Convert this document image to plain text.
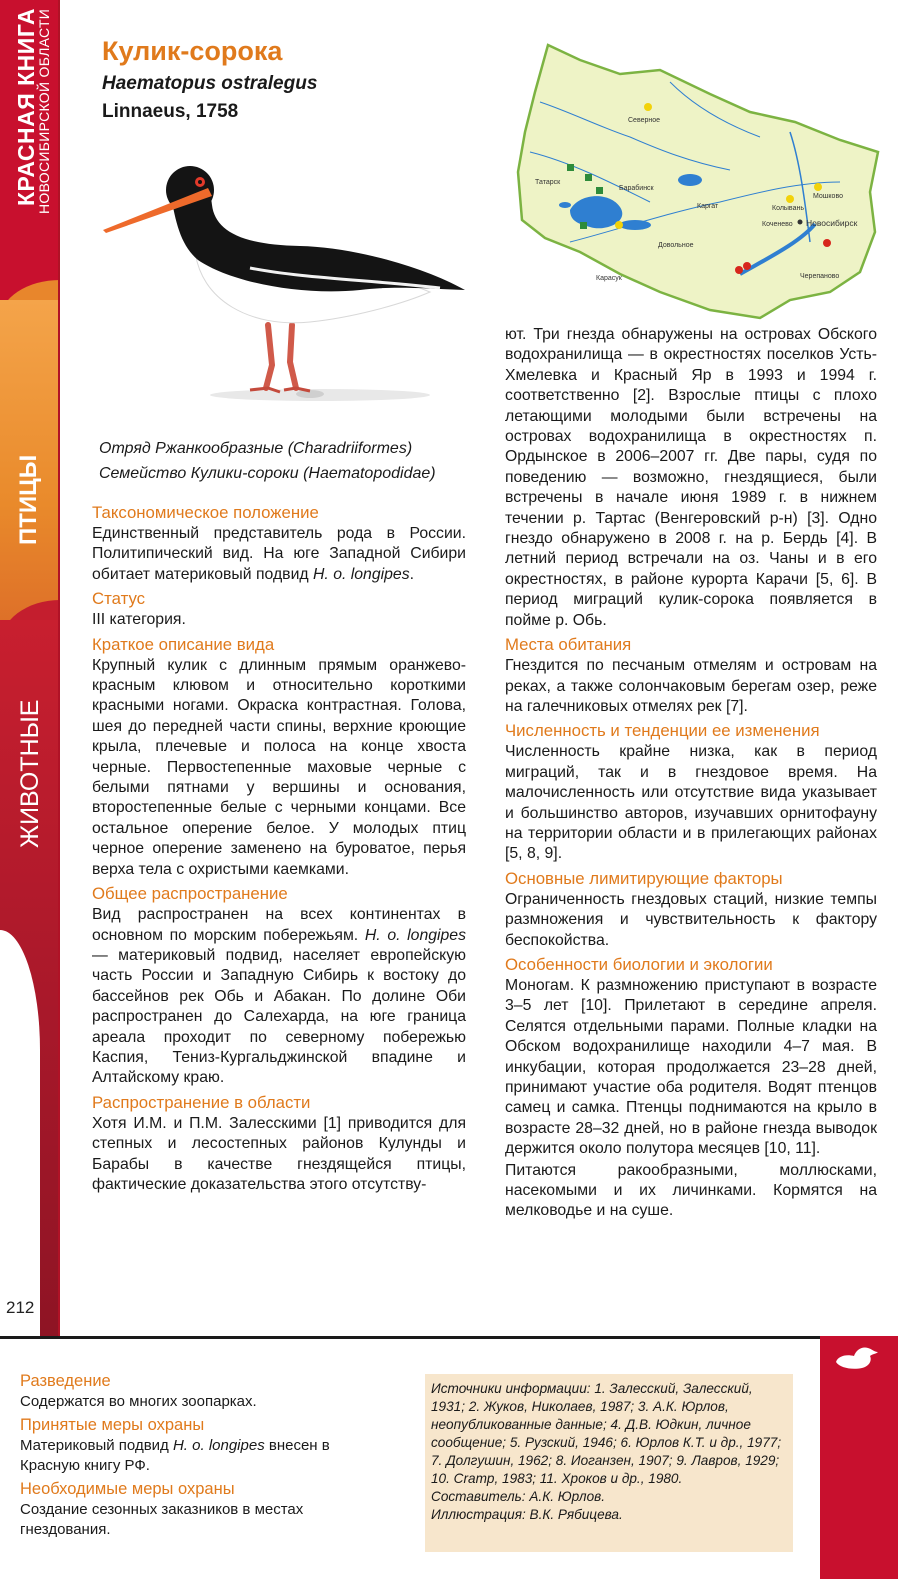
КРАСНАЯ КНИГА
НОВОСИБИРСКОЙ ОБЛАСТИ
ПТИЦЫ
ЖИВОТНЫЕ
212
Кулик-сорока
Haematopus ostralegus
Linnaeus, 1758	Северное
Татарск
Барабинск
Каргат
Мошково
Колывань
Новосибирск
Коченево
Довольное
Карасук	Черепаново
Отряд Ржанкообразные (Charadriiformes)
Семейство Кулики-сороки (Haematopodidae)
Таксономическое положение
Единственный представитель рода в России. Политипический вид. На юге Западной Сибири обитает материковый подвид H. o. longipes.
Статус
III категория.
Краткое описание вида
Крупный кулик с длинным прямым оранжево-красным клювом и относительно короткими красными ногами. Окраска контрастная. Голова, шея до передней части спины, верхние кроющие крыла, плечевые и полоса на конце хвоста черные. Первостепенные маховые черные с белыми пятнами у вершины и основания, второстепенные белые с черными концами. Все остальное оперение белое. У молодых птиц черное оперение заменено на буроватое, перья верха тела с охристыми каемками.
Общее распространение
Вид распространен на всех континентах в основном по морским побережьям. H. o. longipes — материковый подвид, населяет европейскую часть России и Западную Сибирь к востоку до бассейнов рек Обь и Абакан. По долине Оби распространен до Салехарда, на юге граница ареала проходит по северному побережью Каспия, Тениз-Кургальджинской впадине и Алтайскому краю.
Распространение в области
Хотя И.М. и П.М. Залесскими [1] приводится для степных и лесостепных районов Кулунды и Барабы в качестве гнездящейся птицы, фактические доказательства этого отсутству-
ют. Три гнезда обнаружены на островах Обского водохранилища — в окрестностях поселков Усть-Хмелевка и Красный Яр в 1993 и 1994 г. соответственно [2]. Взрослые птицы с плохо летающими молодыми были встречены на островах водохранилища в окрестностях п. Ордынское в 2006–2007 гг. Две пары, судя по поведению — возможно, гнездящиеся, были встречены в начале июня 1989 г. в нижнем течении р. Тартас (Венгеровский р-н) [3]. Одно гнездо обнаружено в 2008 г. на р. Бердь [4]. В летний период встречали на оз. Чаны и в его окрестностях, в районе курорта Карачи [5, 6]. В период миграций кулик-сорока появляется в пойме р. Обь.
Места обитания
Гнездится по песчаным отмелям и островам на реках, а также солончаковым берегам озер, реже на галечниковых отмелях рек [7].
Численность и тенденции ее изменения
Численность крайне низка, как в период миграций, так и в гнездовое время. На малочисленность или отсутствие вида указывает и большинство авторов, изучавших орнитофауну на территории области и в прилегающих районах [5, 8, 9].
Основные лимитирующие факторы
Ограниченность гнездовых стаций, низкие темпы размножения и чувствительность к фактору беспокойства.
Особенности биологии и экологии
Моногам. К размножению приступают в возрасте 3–5 лет [10]. Прилетают в середине апреля. Селятся отдельными парами. Полные кладки на Обском водохранилище находили 4–7 мая. В инкубации, которая продолжается 23–28 дней, принимают участие оба родителя. Водят птенцов самец и самка. Птенцы поднимаются на крыло в возрасте 28–32 дней, но в районе гнезда выводок держится около полутора месяцев [10, 11].
Питаются ракообразными, моллюсками, насекомыми и их личинками. Кормятся на мелководье и на суше.
Разведение
Содержатся во многих зоопарках.
Принятые меры охраны
Материковый подвид H. o. longipes внесен в Красную книгу РФ.
Необходимые меры охраны
Создание сезонных заказников в местах гнездования.
Источники информации: 1. Залесский, Залесский, 1931; 2. Жуков, Николаев, 1987; 3. А.К. Юрлов, неопубликованные данные; 4. Д.В. Юдкин, личное сообщение; 5. Рузский, 1946; 6. Юрлов К.Т. и др., 1977; 7. Долгушин, 1962; 8. Иоганзен, 1907; 9. Лавров, 1929; 10. Cramp, 1983; 11. Хроков и др., 1980.
Составитель: А.К. Юрлов.
Иллюстрация: В.К. Рябицева.
